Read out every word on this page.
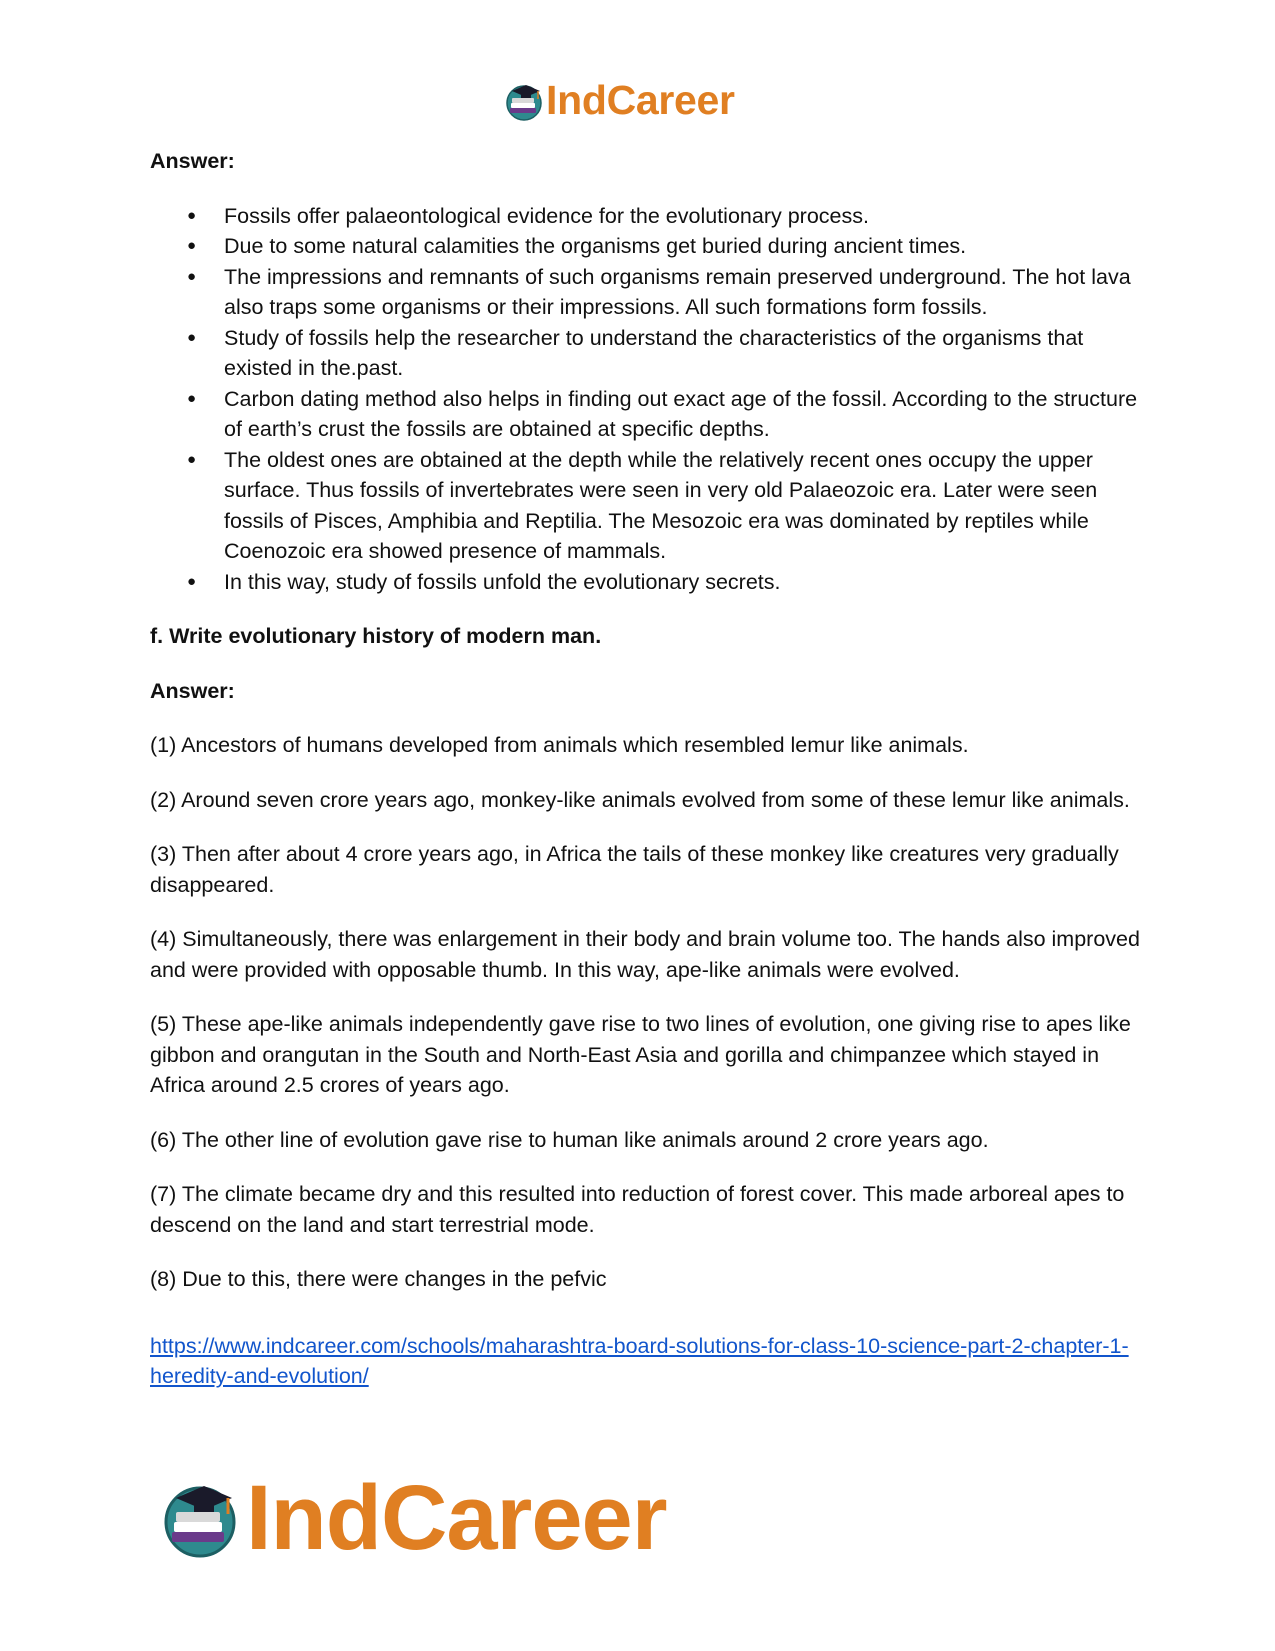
IndCareer

Answer:

● Fossils offer palaeontological evidence for the evolutionary process.
● Due to some natural calamities the organisms get buried during ancient times.
● The impressions and remnants of such organisms remain preserved underground. The hot lava also traps some organisms or their impressions. All such formations form fossils.
● Study of fossils help the researcher to understand the characteristics of the organisms that existed in the.past.
● Carbon dating method also helps in finding out exact age of the fossil. According to the structure of earth’s crust the fossils are obtained at specific depths.
● The oldest ones are obtained at the depth while the relatively recent ones occupy the upper surface. Thus fossils of invertebrates were seen in very old Palaeozoic era. Later were seen fossils of Pisces, Amphibia and Reptilia. The Mesozoic era was dominated by reptiles while Coenozoic era showed presence of mammals.
● In this way, study of fossils unfold the evolutionary secrets.

f. Write evolutionary history of modern man.

Answer:

(1) Ancestors of humans developed from animals which resembled lemur like animals.

(2) Around seven crore years ago, monkey-like animals evolved from some of these lemur like animals.

(3) Then after about 4 crore years ago, in Africa the tails of these monkey like creatures very gradually disappeared.

(4) Simultaneously, there was enlargement in their body and brain volume too. The hands also improved and were provided with opposable thumb. In this way, ape-like animals were evolved.

(5) These ape-like animals independently gave rise to two lines of evolution, one giving rise to apes like gibbon and orangutan in the South and North-East Asia and gorilla and chimpanzee which stayed in Africa around 2.5 crores of years ago.

(6) The other line of evolution gave rise to human like animals around 2 crore years ago.

(7) The climate became dry and this resulted into reduction of forest cover. This made arboreal apes to descend on the land and start terrestrial mode.

(8) Due to this, there were changes in the pefvic

https://www.indcareer.com/schools/maharashtra-board-solutions-for-class-10-science-part-2-chapter-1-heredity-and-evolution/
IndCareer
